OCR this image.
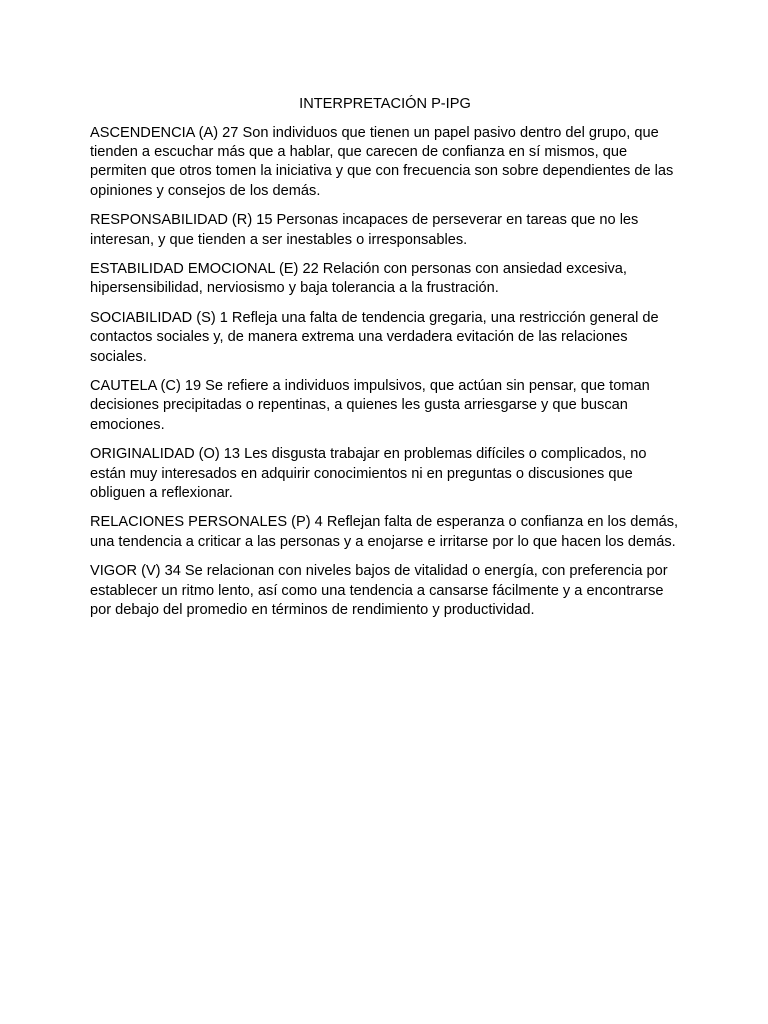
INTERPRETACIÓN P-IPG

ASCENDENCIA (A) 27 Son individuos que tienen un papel pasivo dentro del grupo, que tienden a escuchar más que a hablar, que carecen de confianza en sí mismos, que permiten que otros tomen la iniciativa y que con frecuencia son sobre dependientes de las opiniones y consejos de los demás.

RESPONSABILIDAD (R) 15 Personas incapaces de perseverar en tareas que no les interesan, y que tienden a ser inestables o irresponsables.

ESTABILIDAD EMOCIONAL (E) 22 Relación con personas con ansiedad excesiva, hipersensibilidad, nerviosismo y baja tolerancia a la frustración.

SOCIABILIDAD (S) 1 Refleja una falta de tendencia gregaria, una restricción general de contactos sociales y, de manera extrema una verdadera evitación de las relaciones sociales.

CAUTELA (C) 19 Se refiere a individuos impulsivos, que actúan sin pensar, que toman decisiones precipitadas o repentinas, a quienes les gusta arriesgarse y que buscan emociones.

ORIGINALIDAD (O) 13 Les disgusta trabajar en problemas difíciles o complicados, no están muy interesados en adquirir conocimientos ni en preguntas o discusiones que obliguen a reflexionar.

RELACIONES PERSONALES (P) 4 Reflejan falta de esperanza o confianza en los demás, una tendencia a criticar a las personas y a enojarse e irritarse por lo que hacen los demás.

VIGOR (V) 34 Se relacionan con niveles bajos de vitalidad o energía, con preferencia por establecer un ritmo lento, así como una tendencia a cansarse fácilmente y a encontrarse por debajo del promedio en términos de rendimiento y productividad.
